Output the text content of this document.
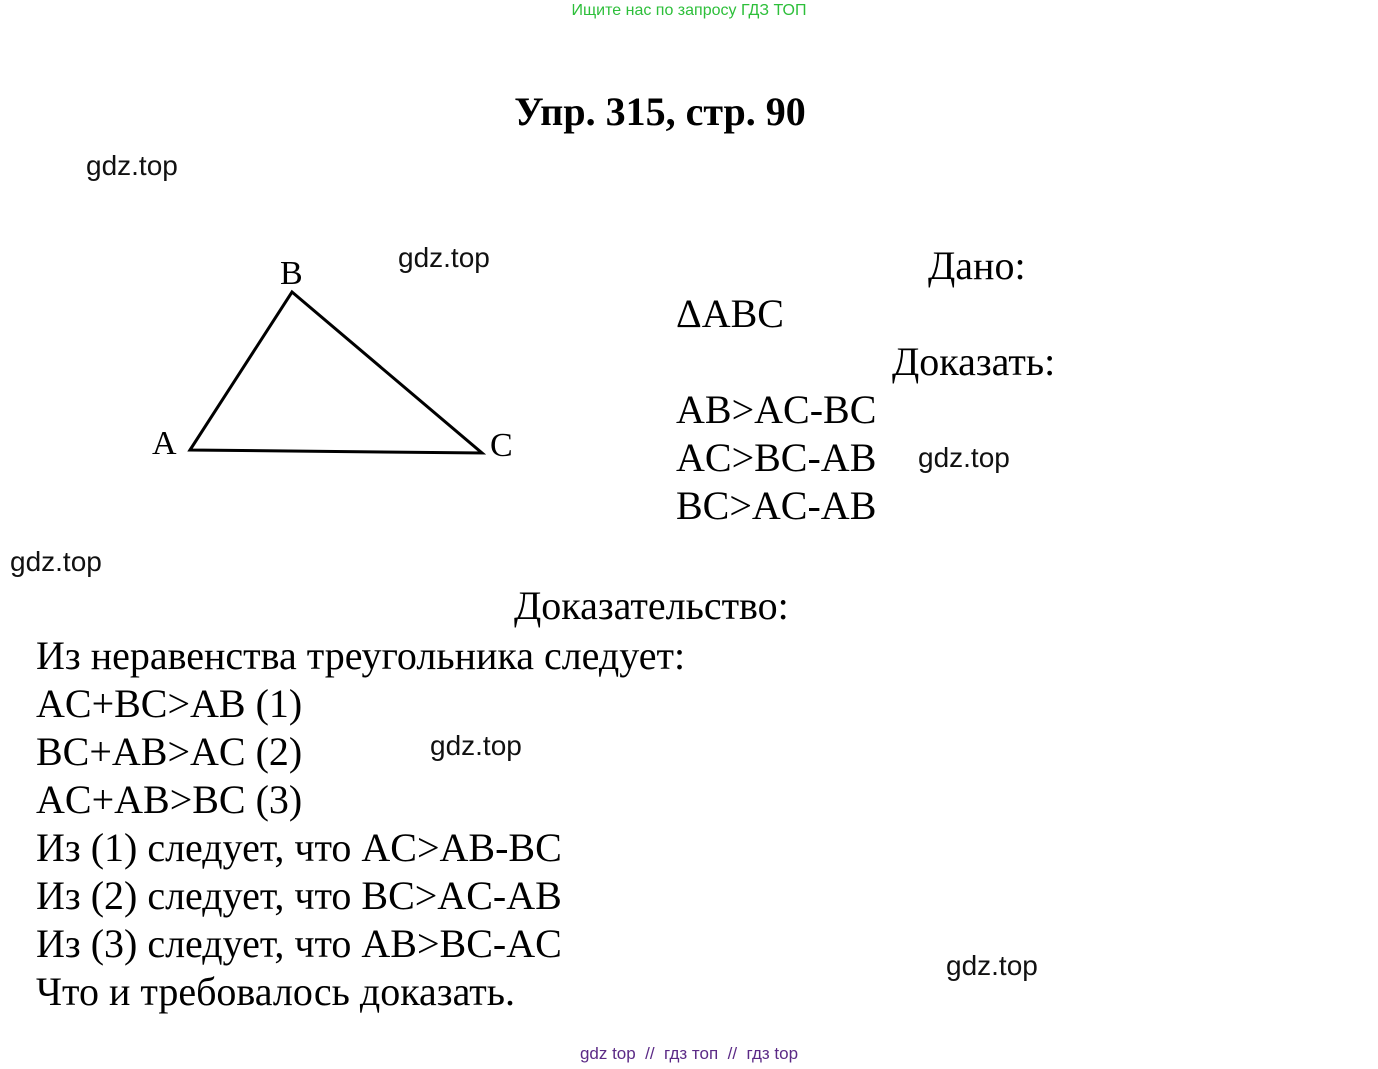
Ищите нас по запросу ГДЗ ТОП
Упр. 315, стр. 90
gdz.top
gdz.top
gdz.top
gdz.top
gdz.top
gdz.top
A
B
C
Дано:
ΔABC
Доказать:
AB>AC-BC
AC>BC-AB
BC>AC-AB
Доказательство:
Из неравенства треугольника следует:
AC+BC>AB (1)
BC+AB>AC (2)
AC+AB>BC (3)
Из (1) следует, что AC>AB-BC
Из (2) следует, что BC>AC-AB
Из (3) следует, что AB>BC-AC
Что и требовалось доказать.
gdz top  //  гдз топ  //  гдз top
